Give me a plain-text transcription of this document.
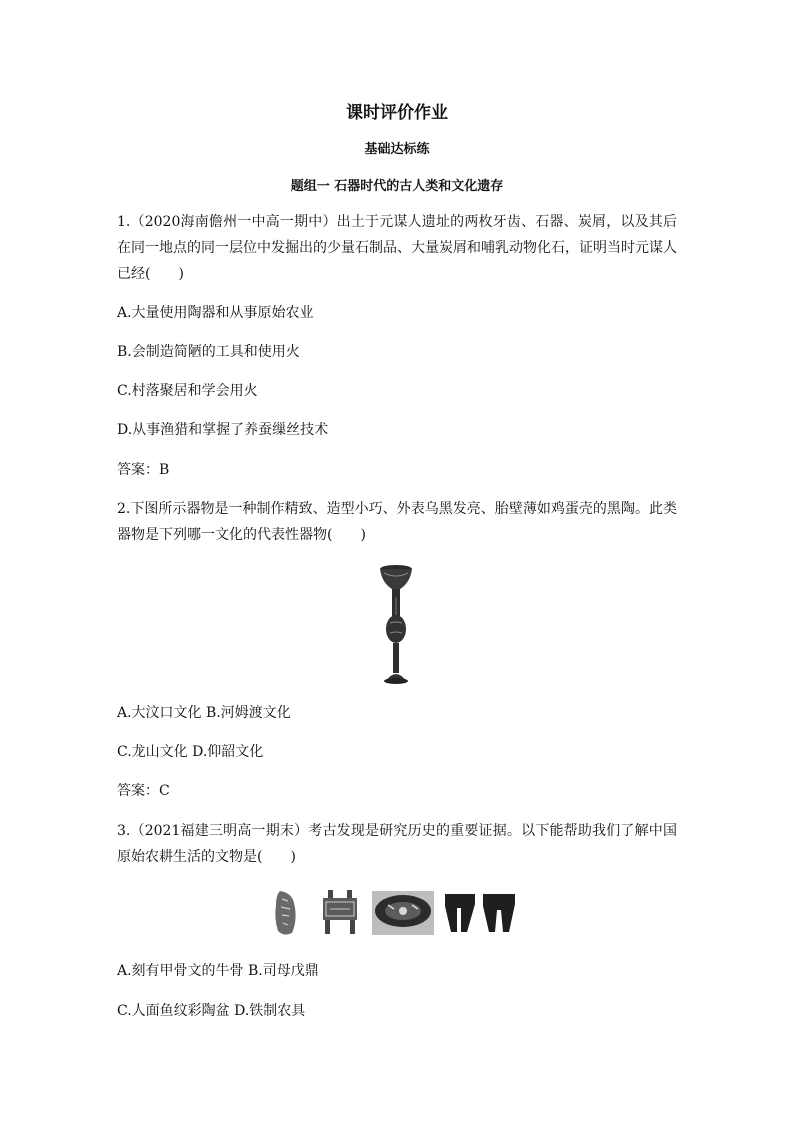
课时评价作业
基础达标练
题组一 石器时代的古人类和文化遗存
1.（2020海南儋州一中高一期中）出土于元谋人遗址的两枚牙齿、石器、炭屑，以及其后在同一地点的同一层位中发掘出的少量石制品、大量炭屑和哺乳动物化石，证明当时元谋人已经(　　)
A.大量使用陶器和从事原始农业
B.会制造简陋的工具和使用火
C.村落聚居和学会用火
D.从事渔猎和掌握了养蚕缫丝技术
答案：B
2.下图所示器物是一种制作精致、造型小巧、外表乌黑发亮、胎壁薄如鸡蛋壳的黑陶。此类器物是下列哪一文化的代表性器物(　　)
A.大汶口文化 B.河姆渡文化
C.龙山文化 D.仰韶文化
答案：C
3.（2021福建三明高一期末）考古发现是研究历史的重要证据。以下能帮助我们了解中国原始农耕生活的文物是(　　)
A.刻有甲骨文的牛骨 B.司母戊鼎
C.人面鱼纹彩陶盆 D.铁制农具
